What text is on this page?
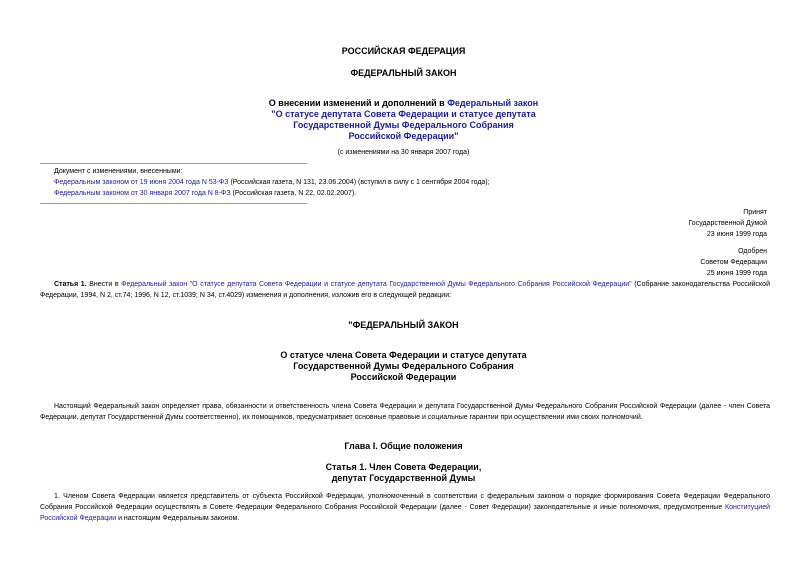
РОССИЙСКАЯ ФЕДЕРАЦИЯ
ФЕДЕРАЛЬНЫЙ ЗАКОН
О внесении изменений и дополнений в Федеральный закон
"О статусе депутата Совета Федерации и статусе депутата
Государственной Думы Федерального Собрания
Российской Федерации"
(с изменениями на 30 января 2007 года)
Документ с изменениями, внесенными:
Федеральным законом от 19 июня 2004 года N 53-ФЗ (Российская газета, N 131, 23.06.2004) (вступил в силу с 1 сентября 2004 года);
Федеральным законом от 30 января 2007 года N 8-ФЗ (Российская газета, N 22, 02.02.2007).
Принят
Государственной Думой
23 июня 1999 года
Одобрен
Советом Федерации
25 июня 1999 года
Статья 1. Внести в Федеральный закон "О статусе депутата Совета Федерации и статусе депутата Государственной Думы Федерального Собрания Российской Федерации" (Собрание законодательства Российской Федерации, 1994, N 2, ст.74; 1996, N 12, ст.1039; N 34, ст.4029) изменения и дополнения, изложив его в следующей редакции:
"ФЕДЕРАЛЬНЫЙ ЗАКОН
О статусе члена Совета Федерации и статусе депутата
Государственной Думы Федерального Собрания
Российской Федерации
Настоящий Федеральный закон определяет права, обязанности и ответственность члена Совета Федерации и депутата Государственной Думы Федерального Собрания Российской Федерации (далее - член Совета Федерации, депутат Государственной Думы соответственно), их помощников, предусматривает основные правовые и социальные гарантии при осуществлении ими своих полномочий.
Глава I. Общие положения
Статья 1. Член Совета Федерации,
депутат Государственной Думы
1. Членом Совета Федерации является представитель от субъекта Российской Федерации, уполномоченный в соответствии с федеральным законом о порядке формирования Совета Федерации Федерального Собрания Российской Федерации осуществлять в Совете Федерации Федерального Собрания Российской Федерации (далее - Совет Федерации) законодательные и иные полномочия, предусмотренные Конституцией Российской Федерации и настоящим Федеральным законом.
